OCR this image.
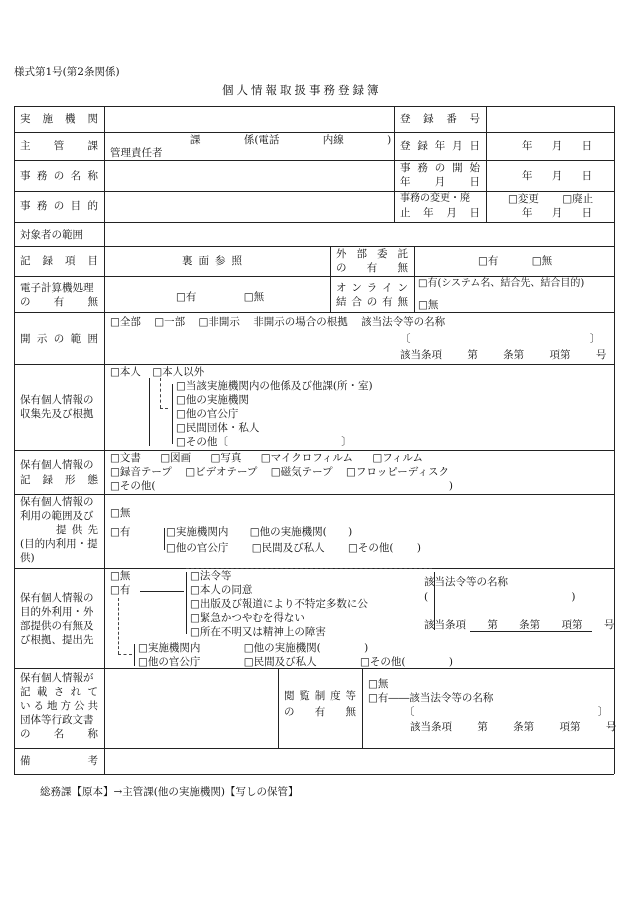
様式第1号(第2条関係)
個人情報取扱事務登録簿
実 施 機 関
主 管 課
事 務 の 名 称
事 務 の 目 的
対象者の範囲
記 録 項 目
電子計算機処理
の 有 無
開 示 の 範 囲
保有個人情報の
収集先及び根拠
保有個人情報の
記 録 形 態
保有個人情報の
利用の範囲及び
提 供 先
(目的内利用・提
供)
保有個人情報の
目的外利用・外
部提供の有無及
び根拠、提出先
保有個人情報が
記 載 さ れ て
い る 地 方 公 共
団体等行政文書
の 名 称
備	考
登 録 番 号
登 録 年 月 日
事 務 の 開 始
年 月 日
事務の変更・廃
止 年 月 日
課 係(電話 内線 )
管理責任者
年 月 日
年 月 日
□変更 □廃止
年 月 日
裏面参照
外 部 委 託
の 有 無
□有 □無
□有 □無
オ ン ラ イ ン
結 合 の 有 無
□有(システム名、結合先、結合目的)
□無
□全部 □一部 □非開示 非開示の場合の根拠 該当法令等の名称
〔 〕
該当条項 第 条第 項第 号
□本人 □本人以外
□当該実施機関内の他係及び他課(所・室)
□他の実施機関
□他の官公庁
□民間団体・私人
□その他〔 〕
□文書 □図画 □写真 □マイクロフィルム □フィルム
□録音テープ □ビデオテープ □磁気テープ □フロッピーディスク
□その他( )
□無
□有	□実施機関内 □他の実施機関( )
□他の官公庁 □民間及び私人 □その他( )
□無
□有
□法令等
□本人の同意
□出版及び報道により不特定多数に公
□緊急かつやむを得ない
□所在不明又は精神上の障害
該当法令等の名称
( )
該当条項 第 条第 項第 号
□実施機関内 □他の実施機関( )
□他の官公庁 □民間及び私人 □その他( )
閲 覧 制 度 等
の 有 無
□無
□有――該当法令等の名称
〔 〕
該当条項 第 条第 項第 号
総務課【原本】→主管課(他の実施機関)【写しの保管】
